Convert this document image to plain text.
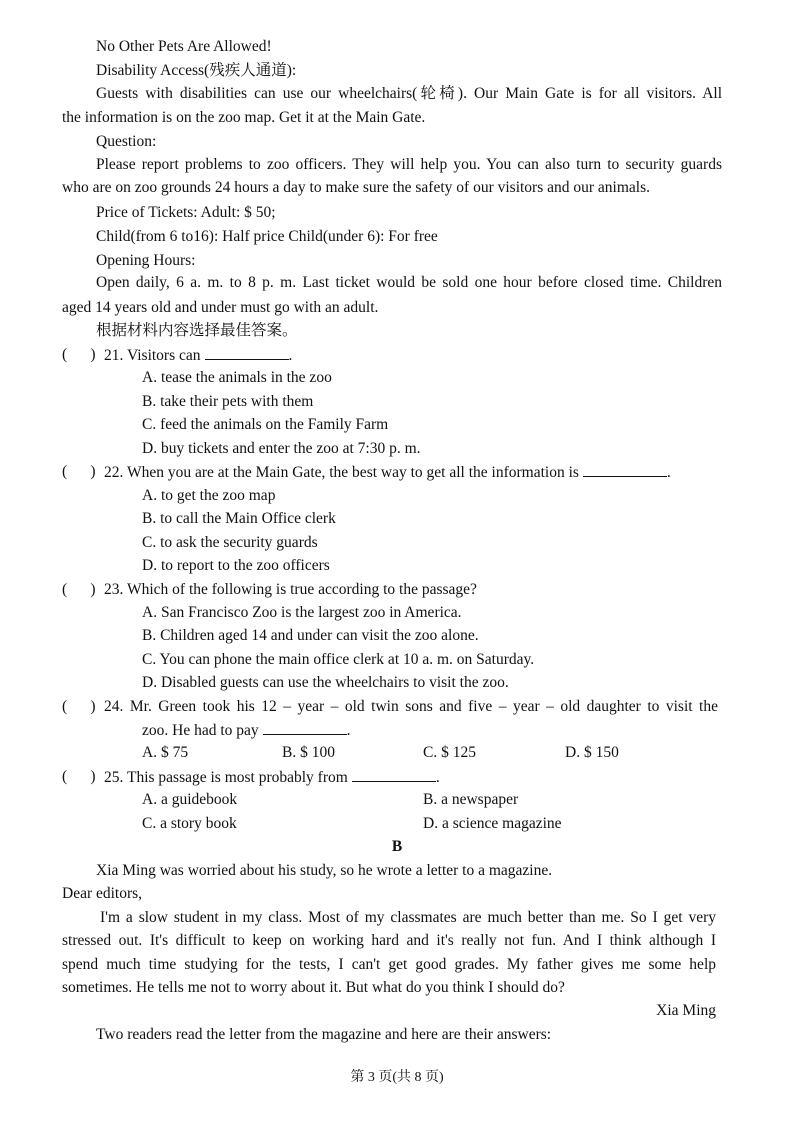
No Other Pets Are Allowed!
Disability Access(残疾人通道):
Guests with disabilities can use our wheelchairs(轮椅). Our Main Gate is for all visitors. All
the information is on the zoo map. Get it at the Main Gate.
Question:
Please report problems to zoo officers. They will help you. You can also turn to security guards
who are on zoo grounds 24 hours a day to make sure the safety of our visitors and our animals.
Price of Tickets: Adult: $ 50;
Child(from 6 to16): Half price Child(under 6): For free
Opening Hours:
Open daily, 6 a. m. to 8 p. m. Last ticket would be sold one hour before closed time. Children
aged 14 years old and under must go with an adult.
根据材料内容选择最佳答案。
(      ) 21. Visitors can	.
A. tease the animals in the zoo
B. take their pets with them
C. feed the animals on the Family Farm
D. buy tickets and enter the zoo at 7:30 p. m.
(      ) 22. When you are at the Main Gate, the best way to get all the information is	.
A. to get the zoo map
B. to call the Main Office clerk
C. to ask the security guards
D. to report to the zoo officers
(      ) 23. Which of the following is true according to the passage?
A. San Francisco Zoo is the largest zoo in America.
B. Children aged 14 and under can visit the zoo alone.
C. You can phone the main office clerk at 10 a. m. on Saturday.
D. Disabled guests can use the wheelchairs to visit the zoo.
(      ) 24. Mr. Green took his 12 – year – old twin sons and five – year – old daughter to visit the
zoo. He had to pay	.
A. $ 75	B. $ 100	C. $ 125	D. $ 150
(      ) 25. This passage is most probably from	.
A. a guidebook	B. a newspaper
C. a story book	D. a science magazine
B
Xia Ming was worried about his study, so he wrote a letter to a magazine.
Dear editors,
I'm a slow student in my class. Most of my classmates are much better than me. So I get very
stressed out. It's difficult to keep on working hard and it's really not fun. And I think although I
spend much time studying for the tests, I can't get good grades. My father gives me some help
sometimes. He tells me not to worry about it. But what do you think I should do?
Xia Ming
Two readers read the letter from the magazine and here are their answers:
第 3 页(共 8 页)
